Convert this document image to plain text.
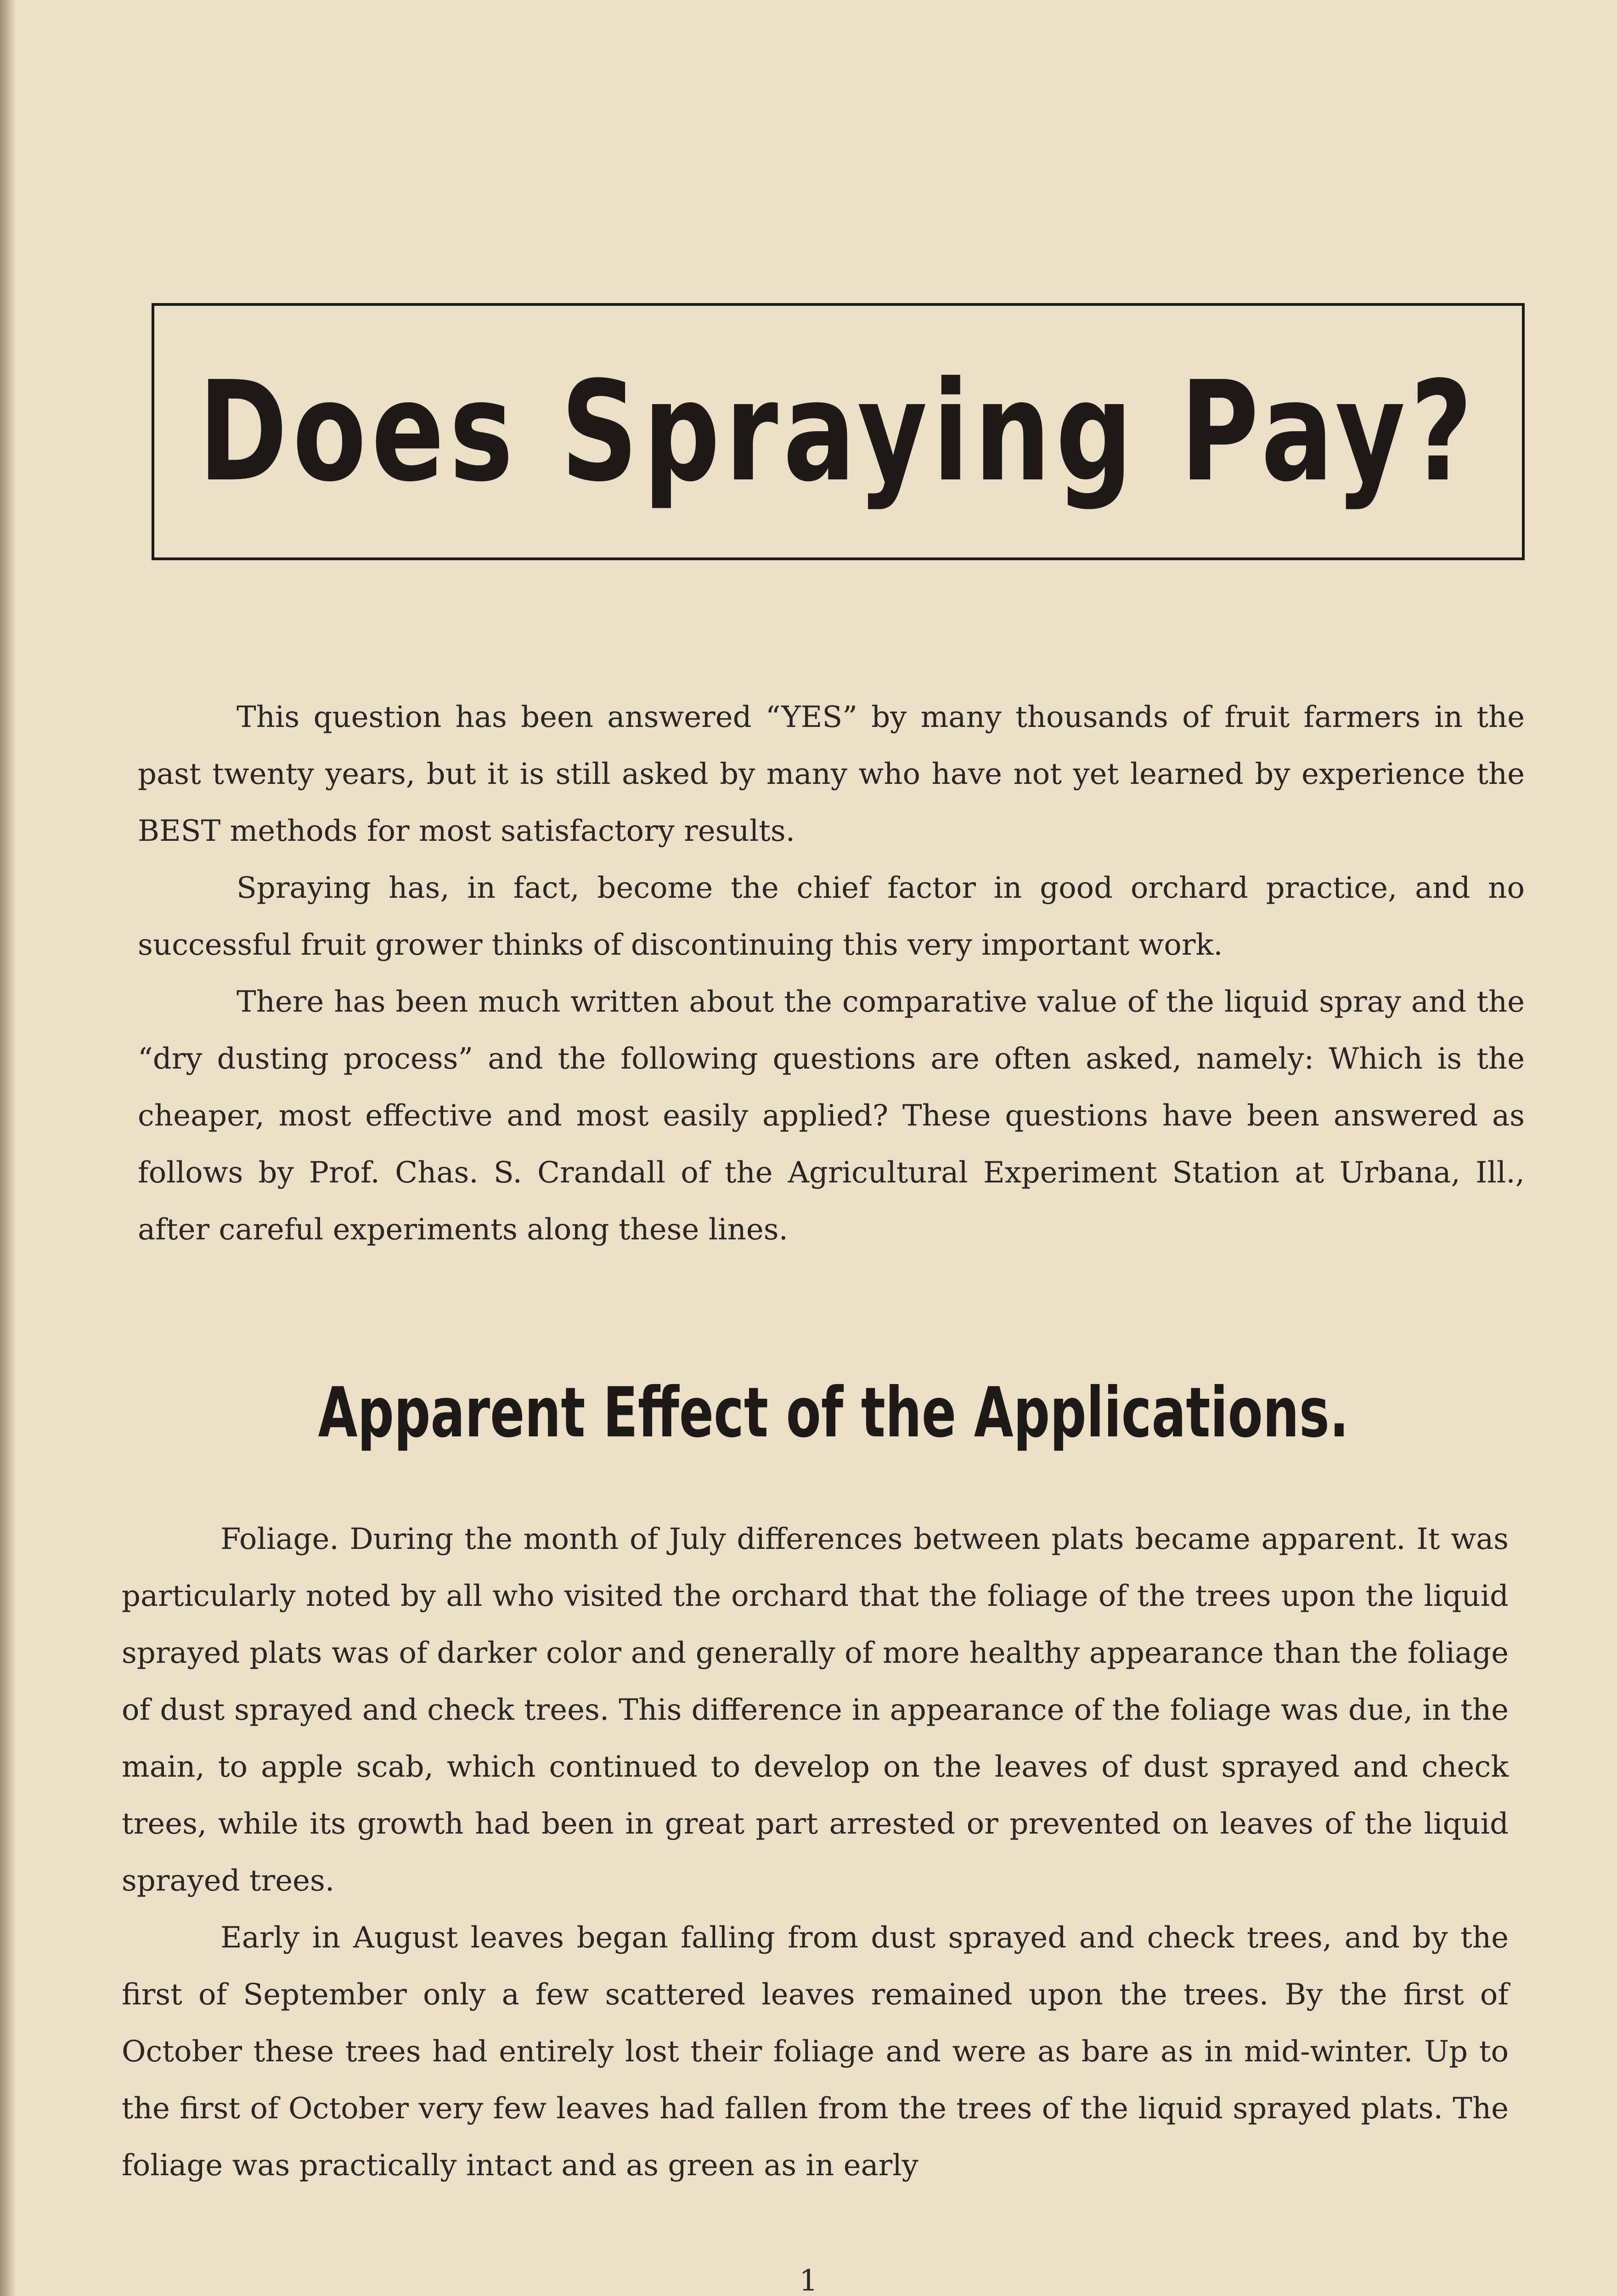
Does Spraying Pay?

This question has been answered “YES” by many thousands of fruit farmers in the past twenty years, but it is still asked by many who have not yet learned by experience the BEST methods for most satisfactory results.

Spraying has, in fact, become the chief factor in good orchard practice, and no successful fruit grower thinks of discontinuing this very important work.

There has been much written about the comparative value of the liquid spray and the “dry dusting process” and the following questions are often asked, namely: Which is the cheaper, most effective and most easily applied? These questions have been answered as follows by Prof. Chas. S. Crandall of the Agricultural Experiment Station at Urbana, Ill., after careful experiments along these lines.

Apparent Effect of the Applications.

Foliage. During the month of July differences between plats became apparent. It was particularly noted by all who visited the orchard that the foliage of the trees upon the liquid sprayed plats was of darker color and generally of more healthy appearance than the foliage of dust sprayed and check trees. This difference in appearance of the foliage was due, in the main, to apple scab, which continued to develop on the leaves of dust sprayed and check trees, while its growth had been in great part arrested or prevented on leaves of the liquid sprayed trees.

Early in August leaves began falling from dust sprayed and check trees, and by the first of September only a few scattered leaves remained upon the trees. By the first of October these trees had entirely lost their foliage and were as bare as in mid-winter. Up to the first of October very few leaves had fallen from the trees of the liquid sprayed plats. The foliage was practically intact and as green as in early

1
